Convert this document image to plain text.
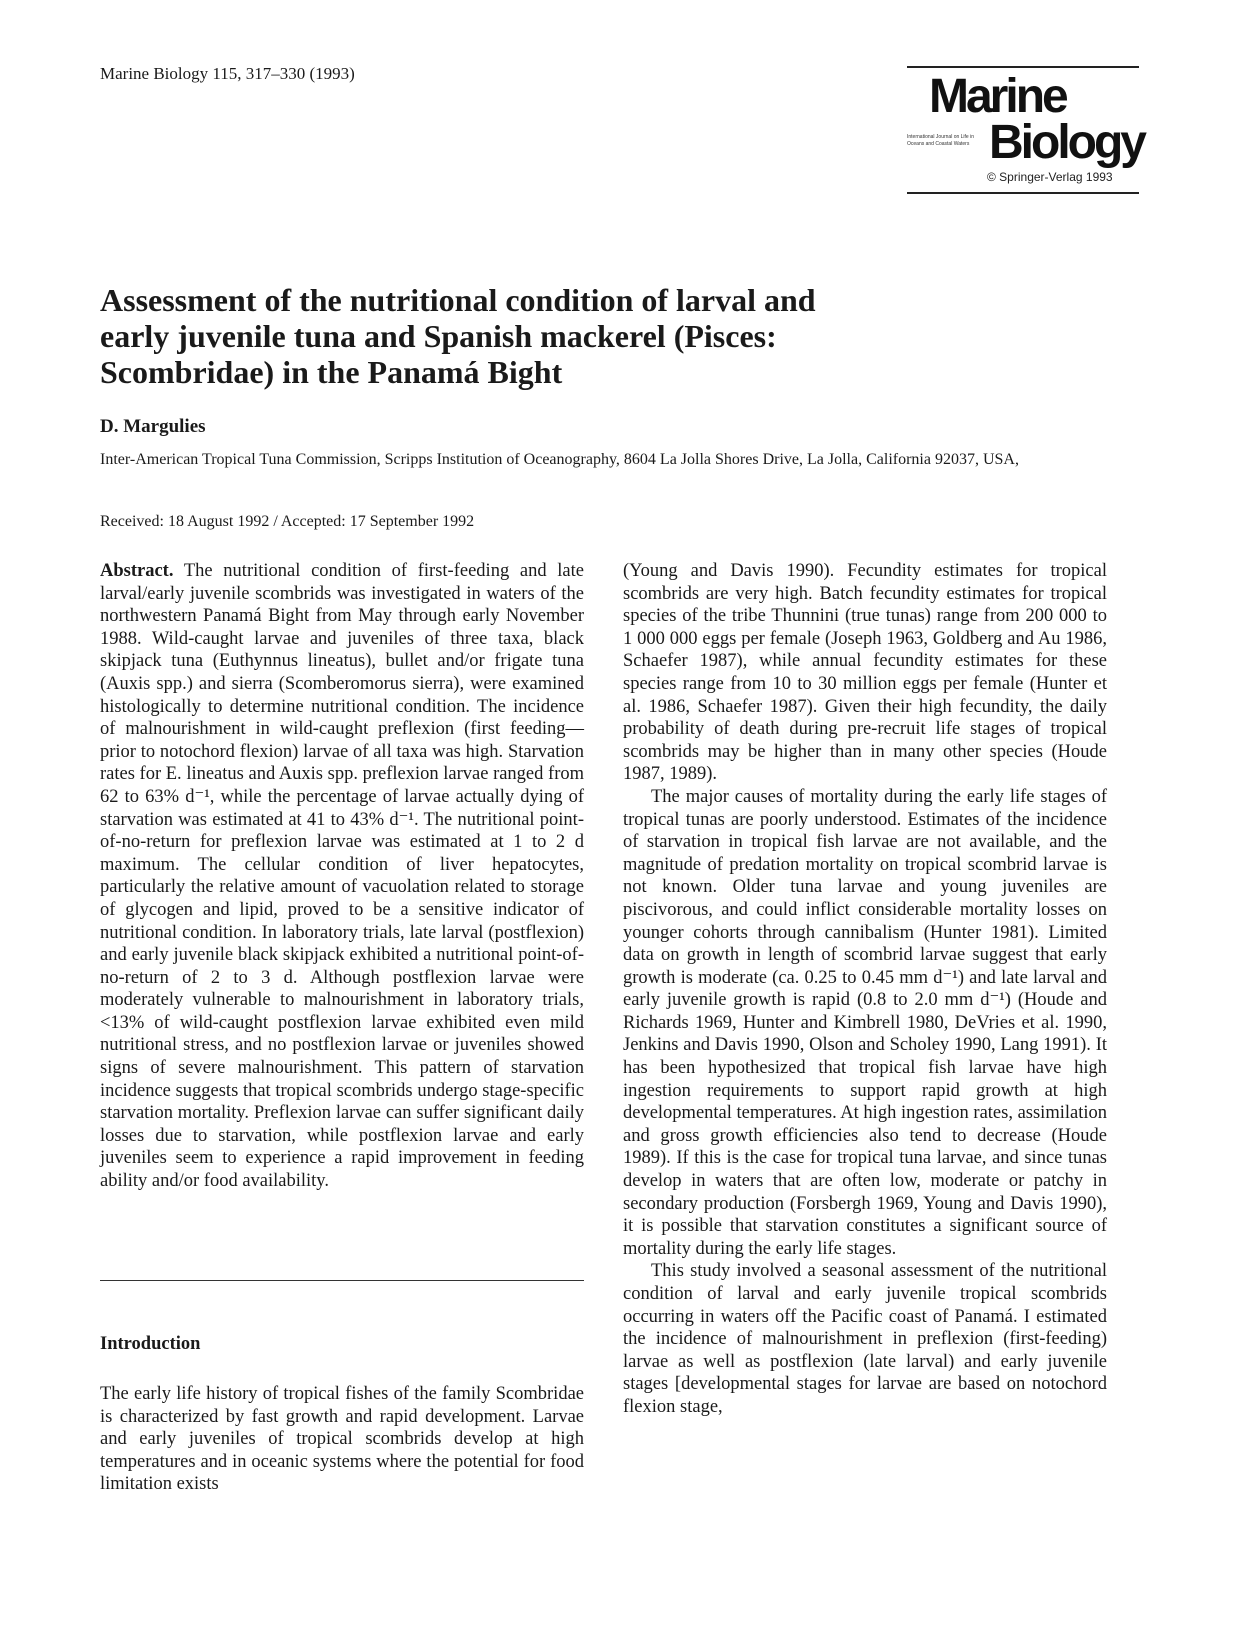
Marine Biology 115, 317–330 (1993)	Marine
International Journal on Life in Oceans and Coastal Waters Biology
© Springer-Verlag 1993
Assessment of the nutritional condition of larval and early juvenile tuna and Spanish mackerel (Pisces: Scombridae) in the Panamá Bight
D. Margulies
Inter-American Tropical Tuna Commission, Scripps Institution of Oceanography, 8604 La Jolla Shores Drive, La Jolla, California 92037, USA,
Received: 18 August 1992 / Accepted: 17 September 1992

Abstract. The nutritional condition of first-feeding and late larval/early juvenile scombrids was investigated in waters of the northwestern Panamá Bight from May through early November 1988. Wild-caught larvae and juveniles of three taxa, black skipjack tuna (Euthynnus lineatus), bullet and/or frigate tuna (Auxis spp.) and sierra (Scomberomorus sierra), were examined histologically to determine nutritional condition. The incidence of malnourishment in wild-caught preflexion (first feeding—prior to notochord flexion) larvae of all taxa was high. Starvation rates for E. lineatus and Auxis spp. preflexion larvae ranged from 62 to 63% d⁻¹, while the percentage of larvae actually dying of starvation was estimated at 41 to 43% d⁻¹. The nutritional point-of-no-return for preflexion larvae was estimated at 1 to 2 d maximum. The cellular condition of liver hepatocytes, particularly the relative amount of vacuolation related to storage of glycogen and lipid, proved to be a sensitive indicator of nutritional condition. In laboratory trials, late larval (postflexion) and early juvenile black skipjack exhibited a nutritional point-of-no-return of 2 to 3 d. Although postflexion larvae were moderately vulnerable to malnourishment in laboratory trials, <13% of wild-caught postflexion larvae exhibited even mild nutritional stress, and no postflexion larvae or juveniles showed signs of severe malnourishment. This pattern of starvation incidence suggests that tropical scombrids undergo stage-specific starvation mortality. Preflexion larvae can suffer significant daily losses due to starvation, while postflexion larvae and early juveniles seem to experience a rapid improvement in feeding ability and/or food availability.

Introduction

The early life history of tropical fishes of the family Scombridae is characterized by fast growth and rapid development. Larvae and early juveniles of tropical scombrids develop at high temperatures and in oceanic systems where the potential for food limitation exists

(Young and Davis 1990). Fecundity estimates for tropical scombrids are very high. Batch fecundity estimates for tropical species of the tribe Thunnini (true tunas) range from 200 000 to 1 000 000 eggs per female (Joseph 1963, Goldberg and Au 1986, Schaefer 1987), while annual fecundity estimates for these species range from 10 to 30 million eggs per female (Hunter et al. 1986, Schaefer 1987). Given their high fecundity, the daily probability of death during pre-recruit life stages of tropical scombrids may be higher than in many other species (Houde 1987, 1989).

The major causes of mortality during the early life stages of tropical tunas are poorly understood. Estimates of the incidence of starvation in tropical fish larvae are not available, and the magnitude of predation mortality on tropical scombrid larvae is not known. Older tuna larvae and young juveniles are piscivorous, and could inflict considerable mortality losses on younger cohorts through cannibalism (Hunter 1981). Limited data on growth in length of scombrid larvae suggest that early growth is moderate (ca. 0.25 to 0.45 mm d⁻¹) and late larval and early juvenile growth is rapid (0.8 to 2.0 mm d⁻¹) (Houde and Richards 1969, Hunter and Kimbrell 1980, DeVries et al. 1990, Jenkins and Davis 1990, Olson and Scholey 1990, Lang 1991). It has been hypothesized that tropical fish larvae have high ingestion requirements to support rapid growth at high developmental temperatures. At high ingestion rates, assimilation and gross growth efficiencies also tend to decrease (Houde 1989). If this is the case for tropical tuna larvae, and since tunas develop in waters that are often low, moderate or patchy in secondary production (Forsbergh 1969, Young and Davis 1990), it is possible that starvation constitutes a significant source of mortality during the early life stages.

This study involved a seasonal assessment of the nutritional condition of larval and early juvenile tropical scombrids occurring in waters off the Pacific coast of Panamá. I estimated the incidence of malnourishment in preflexion (first-feeding) larvae as well as postflexion (late larval) and early juvenile stages [developmental stages for larvae are based on notochord flexion stage,
